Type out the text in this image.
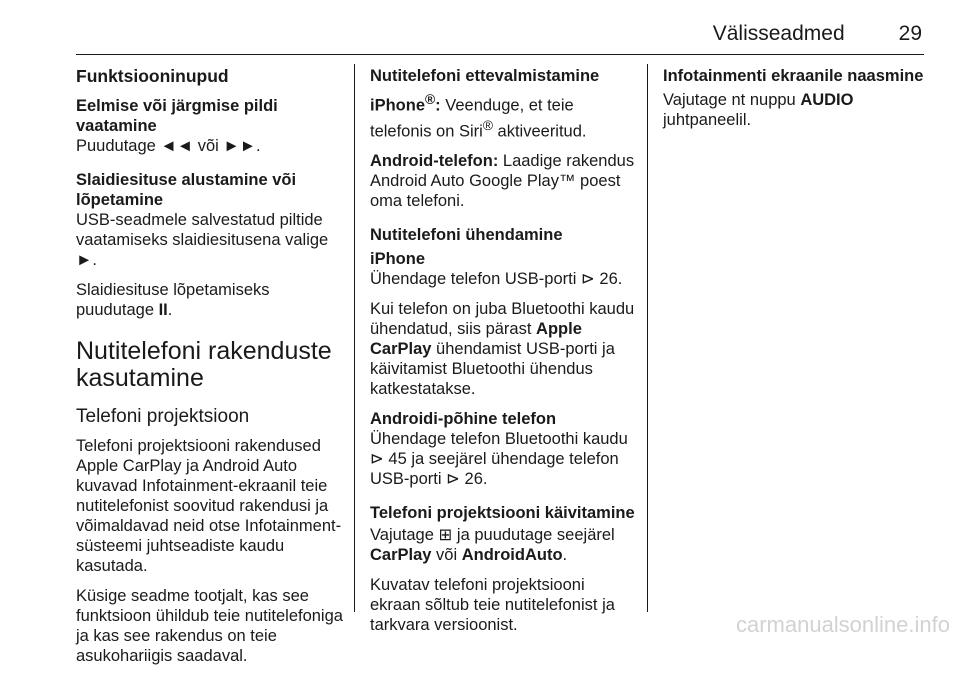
Välisseadmed	29
Funktsiooninupud
Eelmise või järgmise pildi vaatamine

Puudutage ◄◄ või ►►.

Slaidiesituse alustamine või lõpetamine

USB-seadmele salvestatud piltide vaatamiseks slaidiesitusena valige ►.

Slaidiesituse lõpetamiseks puudutage II.

Nutitelefoni rakenduste kasutamine
Telefoni projektsioon

Telefoni projektsiooni rakendused Apple CarPlay ja Android Auto kuvavad Infotainment-ekraanil teie nutitelefonist soovitud rakendusi ja võimaldavad neid otse Infotainment-süsteemi juhtseadiste kaudu kasutada.

Küsige seadme tootjalt, kas see funktsioon ühildub teie nutitelefoniga ja kas see rakendus on teie asukohariigis saadaval.

Nutitelefoni ettevalmistamine

iPhone®: Veenduge, et teie telefonis on Siri® aktiveeritud.

Android-telefon: Laadige rakendus Android Auto Google Play™ poest oma telefoni.

Nutitelefoni ühendamine
iPhone

Ühendage telefon USB-porti ⊳ 26.

Kui telefon on juba Bluetoothi kaudu ühendatud, siis pärast Apple CarPlay ühendamist USB-porti ja käivitamist Bluetoothi ühendus katkestatakse.

Androidi-põhine telefon

Ühendage telefon Bluetoothi kaudu ⊳ 45 ja seejärel ühendage telefon USB-porti ⊳ 26.

Telefoni projektsiooni käivitamine

Vajutage ⊞ ja puudutage seejärel CarPlay või AndroidAuto.

Kuvatav telefoni projektsiooni ekraan sõltub teie nutitelefonist ja tarkvara versioonist.

Infotainmenti ekraanile naasmine

Vajutage nt nuppu AUDIO juhtpaneelil.

carmanualsonline.info
